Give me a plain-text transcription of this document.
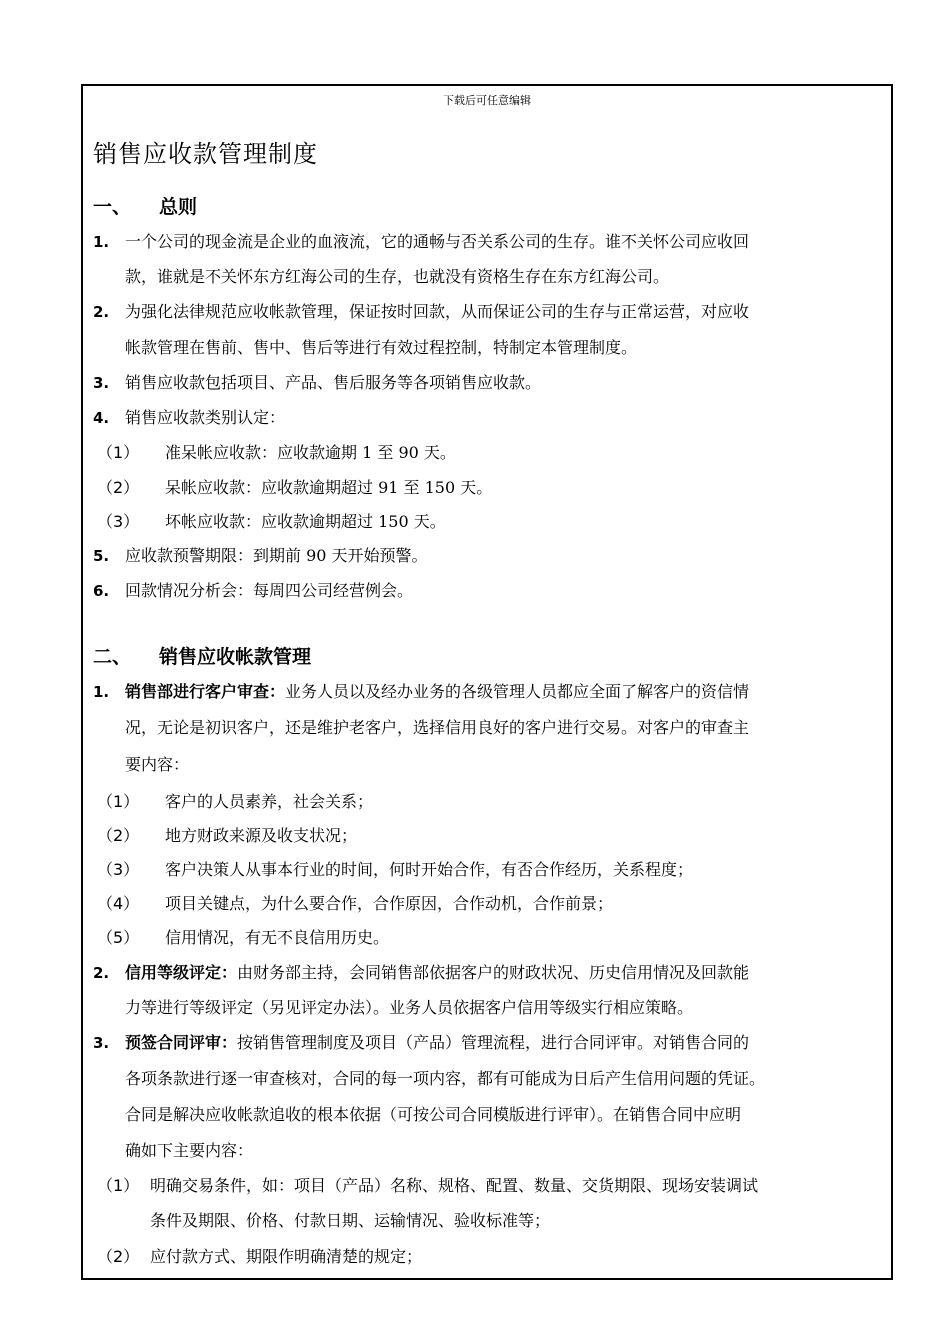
下载后可任意编辑
销售应收款管理制度
一、 总则
1. 一个公司的现金流是企业的血液流，它的通畅与否关系公司的生存。谁不关怀公司应收回
款，谁就是不关怀东方红海公司的生存，也就没有资格生存在东方红海公司。
2. 为强化法律规范应收帐款管理，保证按时回款，从而保证公司的生存与正常运营，对应收
帐款管理在售前、售中、售后等进行有效过程控制，特制定本管理制度。
3. 销售应收款包括项目、产品、售后服务等各项销售应收款。
4. 销售应收款类别认定：
（1） 准呆帐应收款：应收款逾期 1 至 90 天。
（2） 呆帐应收款：应收款逾期超过 91 至 150 天。
（3） 坏帐应收款：应收款逾期超过 150 天。
5. 应收款预警期限：到期前 90 天开始预警。
6. 回款情况分析会：每周四公司经营例会。
二、 销售应收帐款管理
1. 销售部进行客户审查：业务人员以及经办业务的各级管理人员都应全面了解客户的资信情
况，无论是初识客户，还是维护老客户，选择信用良好的客户进行交易。对客户的审查主
要内容：
（1） 客户的人员素养，社会关系；
（2） 地方财政来源及收支状况；
（3） 客户决策人从事本行业的时间，何时开始合作，有否合作经历，关系程度；
（4） 项目关键点，为什么要合作，合作原因，合作动机，合作前景；
（5） 信用情况，有无不良信用历史。
2. 信用等级评定：由财务部主持，会同销售部依据客户的财政状况、历史信用情况及回款能
力等进行等级评定（另见评定办法）。业务人员依据客户信用等级实行相应策略。
3. 预签合同评审：按销售管理制度及项目（产品）管理流程，进行合同评审。对销售合同的
各项条款进行逐一审查核对，合同的每一项内容，都有可能成为日后产生信用问题的凭证。
合同是解决应收帐款追收的根本依据（可按公司合同模版进行评审）。在销售合同中应明
确如下主要内容：
（1） 明确交易条件，如：项目（产品）名称、规格、配置、数量、交货期限、现场安装调试
条件及期限、价格、付款日期、运输情况、验收标准等；
（2） 应付款方式、期限作明确清楚的规定；
